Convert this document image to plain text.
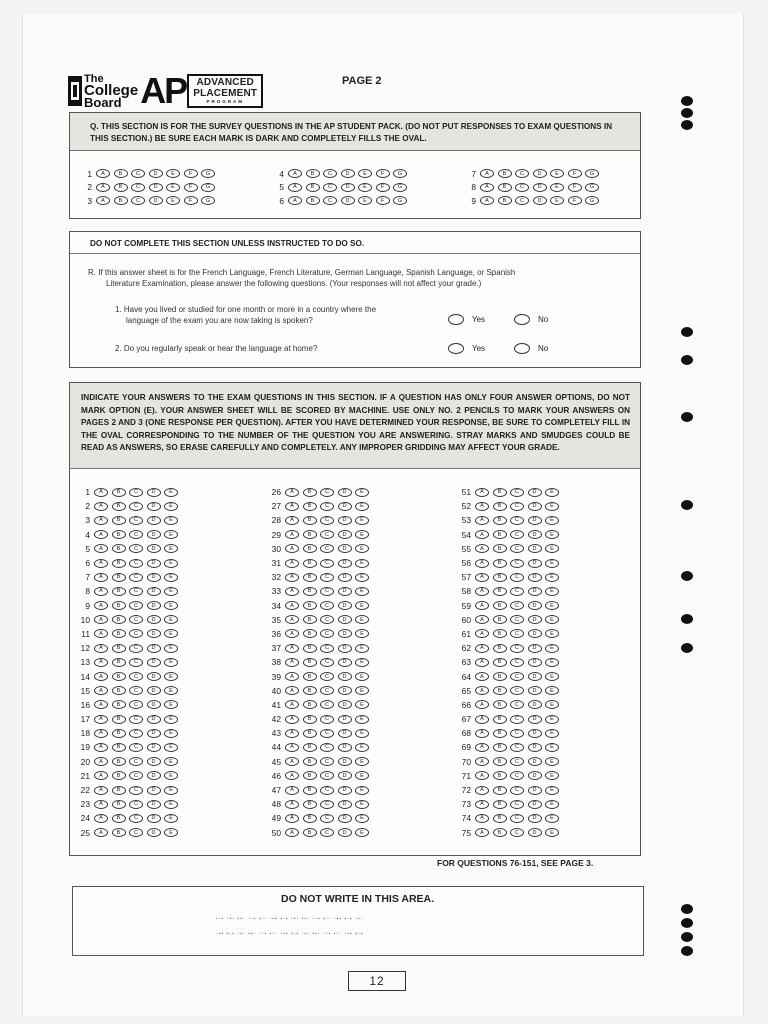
The
College
Board AP	ADVANCED
PLACEMENT
PROGRAM
PAGE 2
Q. THIS SECTION IS FOR THE SURVEY QUESTIONS IN THE AP STUDENT PACK. (DO NOT PUT RESPONSES TO EXAM QUESTIONS IN THIS SECTION.) BE SURE EACH MARK IS DARK AND COMPLETELY FILLS THE OVAL.
1	A	B	C	D	E	F	G
2	A	B	C	D	E	F	G
3	A	B	C	D	E	F	G
4	A	B	C	D	E	F	G
5	A	B	C	D	E	F	G
6	A	B	C	D	E	F	G
7	A	B	C	D	E	F	G
8	A	B	C	D	E	F	G
9	A	B	C	D	E	F	G
DO NOT COMPLETE THIS SECTION UNLESS INSTRUCTED TO DO SO.
R. If this answer sheet is for the French Language, French Literature, German Language, Spanish Language, or Spanish
Literature Examination, please answer the following questions. (Your responses will not affect your grade.)
1. Have you lived or studied for one month or more in a country where the
language of the exam you are now taking is spoken?	Yes	No
2. Do you regularly speak or hear the language at home?	Yes	No
INDICATE YOUR ANSWERS TO THE EXAM QUESTIONS IN THIS SECTION. IF A QUESTION HAS ONLY FOUR ANSWER OPTIONS, DO NOT MARK OPTION (E). YOUR ANSWER SHEET WILL BE SCORED BY MACHINE. USE ONLY NO. 2 PENCILS TO MARK YOUR ANSWERS ON PAGES 2 AND 3 (ONE RESPONSE PER QUESTION). AFTER YOU HAVE DETERMINED YOUR RESPONSE, BE SURE TO COMPLETELY FILL IN THE OVAL CORRESPONDING TO THE NUMBER OF THE QUESTION YOU ARE ANSWERING. STRAY MARKS AND SMUDGES COULD BE READ AS ANSWERS, SO ERASE CAREFULLY AND COMPLETELY. ANY IMPROPER GRIDDING MAY AFFECT YOUR GRADE.
1	A	B	C	D	E
2	A	B	C	D	E
3	A	B	C	D	E
4	A	B	C	D	E
5	A	B	C	D	E
6	A	B	C	D	E
7	A	B	C	D	E
8	A	B	C	D	E
9	A	B	C	D	E
10	A	B	C	D	E
11	A	B	C	D	E
12	A	B	C	D	E
13	A	B	C	D	E
14	A	B	C	D	E
15	A	B	C	D	E
16	A	B	C	D	E
17	A	B	C	D	E
18	A	B	C	D	E
19	A	B	C	D	E
20	A	B	C	D	E
21	A	B	C	D	E
22	A	B	C	D	E
23	A	B	C	D	E
24	A	B	C	D	E
25	A	B	C	D	E
26	A	B	C	D	E
27	A	B	C	D	E
28	A	B	C	D	E
29	A	B	C	D	E
30	A	B	C	D	E
31	A	B	C	D	E
32	A	B	C	D	E
33	A	B	C	D	E
34	A	B	C	D	E
35	A	B	C	D	E
36	A	B	C	D	E
37	A	B	C	D	E
38	A	B	C	D	E
39	A	B	C	D	E
40	A	B	C	D	E
41	A	B	C	D	E
42	A	B	C	D	E
43	A	B	C	D	E
44	A	B	C	D	E
45	A	B	C	D	E
46	A	B	C	D	E
47	A	B	C	D	E
48	A	B	C	D	E
49	A	B	C	D	E
50	A	B	C	D	E
51	A	B	C	D	E
52	A	B	C	D	E
53	A	B	C	D	E
54	A	B	C	D	E
55	A	B	C	D	E
56	A	B	C	D	E
57	A	B	C	D	E
58	A	B	C	D	E
59	A	B	C	D	E
60	A	B	C	D	E
61	A	B	C	D	E
62	A	B	C	D	E
63	A	B	C	D	E
64	A	B	C	D	E
65	A	B	C	D	E
66	A	B	C	D	E
67	A	B	C	D	E
68	A	B	C	D	E
69	A	B	C	D	E
70	A	B	C	D	E
71	A	B	C	D	E
72	A	B	C	D	E
73	A	B	C	D	E
74	A	B	C	D	E
75	A	B	C	D	E
FOR QUESTIONS 76-151, SEE PAGE 3.
DO NOT WRITE IN THIS AREA.
▪▫▪ ▫▪▫ ▪▪▫ ▫▫▪ ▪▫▫ ▫▪▪ ▪▫▪ ▫▪▫ ▪▪▫ ▫▫▪ ▪▫▫ ▫▪▪ ▪▫▪ ▫▪▫
▫▪▪ ▪▫▪ ▫▪▫ ▪▪▫ ▫▫▪ ▪▫▫ ▫▪▪ ▪▫▪ ▫▪▫ ▪▪▫ ▫▫▪ ▪▫▫ ▫▪▪ ▪▫▪
12
